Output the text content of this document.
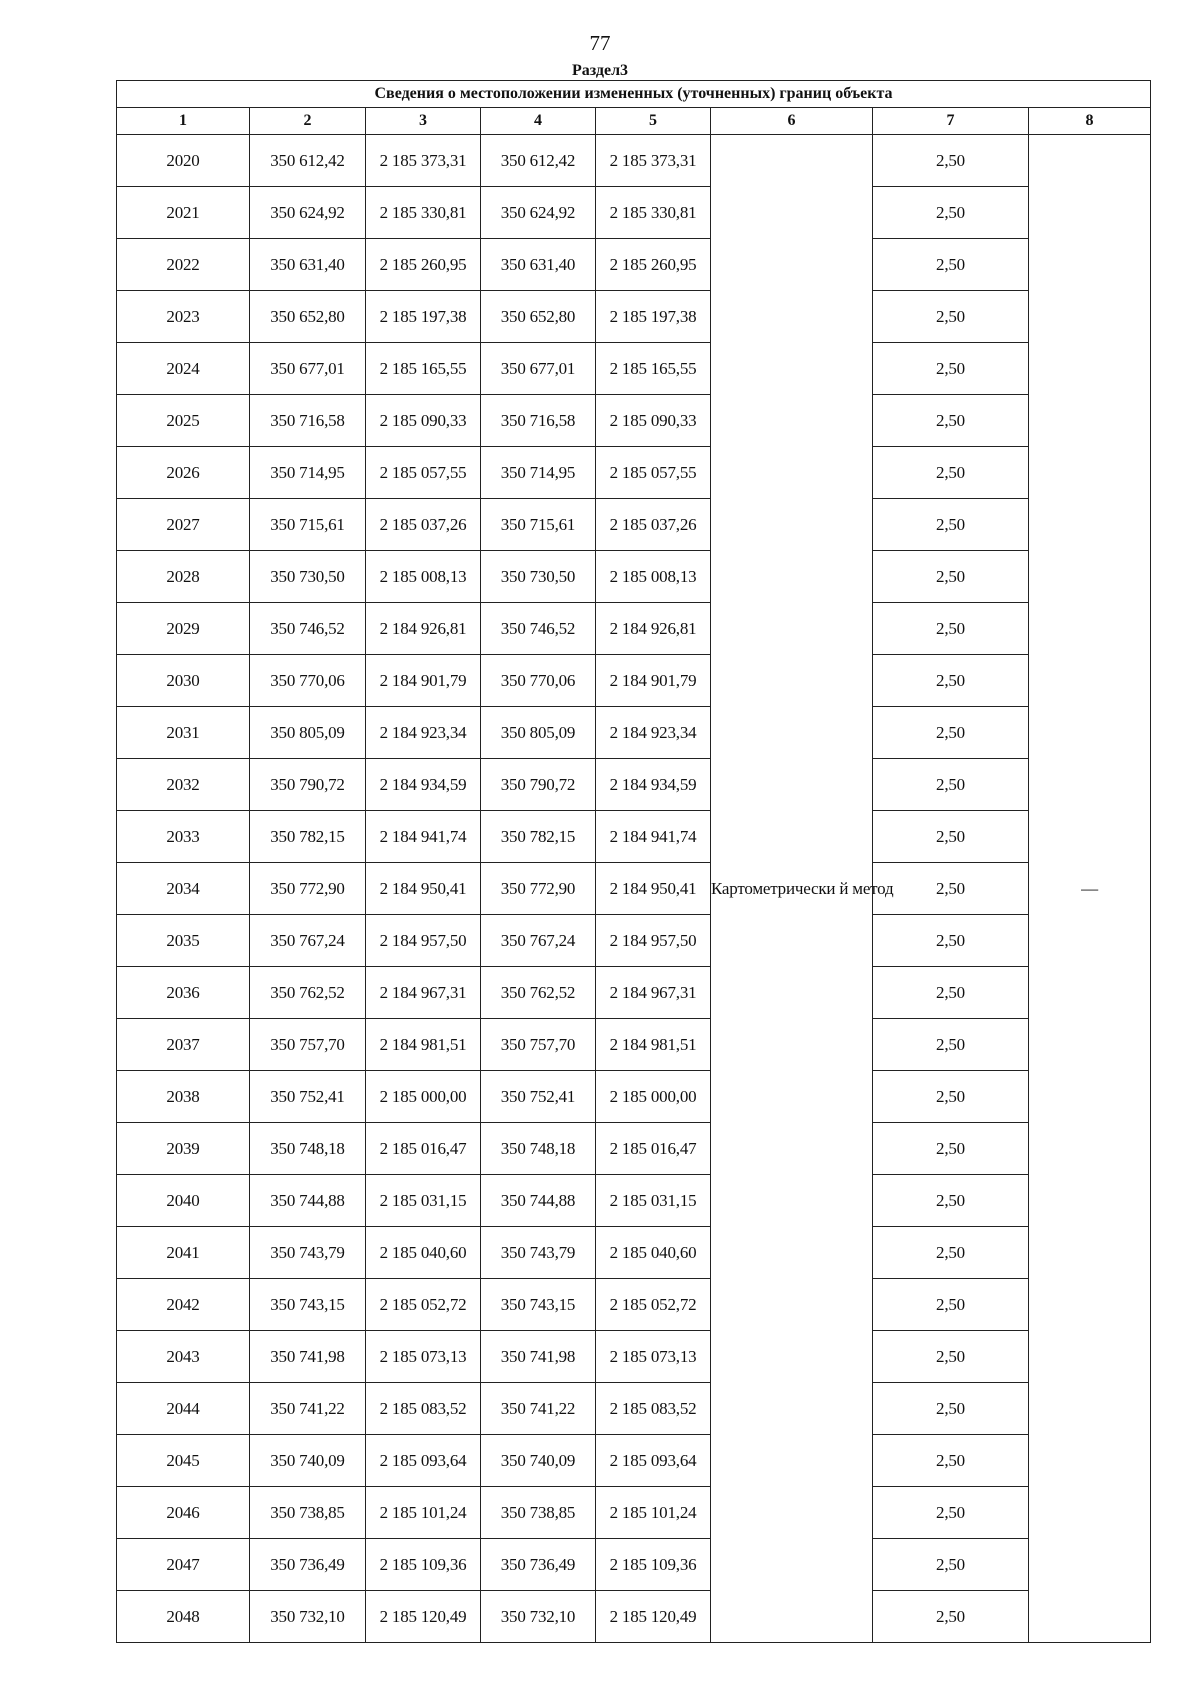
77
Раздел3
Сведения о местоположении измененных (уточненных) границ объекта							
1	2	3	4	5	6	7	8
2020	350 612,42	2 185 373,31	350 612,42	2 185 373,31	Картометрически й метод	2,50	—
2021	350 624,92	2 185 330,81	350 624,92	2 185 330,81		2,50	
2022	350 631,40	2 185 260,95	350 631,40	2 185 260,95		2,50	
2023	350 652,80	2 185 197,38	350 652,80	2 185 197,38		2,50	
2024	350 677,01	2 185 165,55	350 677,01	2 185 165,55		2,50	
2025	350 716,58	2 185 090,33	350 716,58	2 185 090,33		2,50	
2026	350 714,95	2 185 057,55	350 714,95	2 185 057,55		2,50	
2027	350 715,61	2 185 037,26	350 715,61	2 185 037,26		2,50	
2028	350 730,50	2 185 008,13	350 730,50	2 185 008,13		2,50	
2029	350 746,52	2 184 926,81	350 746,52	2 184 926,81		2,50	
2030	350 770,06	2 184 901,79	350 770,06	2 184 901,79		2,50	
2031	350 805,09	2 184 923,34	350 805,09	2 184 923,34		2,50	
2032	350 790,72	2 184 934,59	350 790,72	2 184 934,59		2,50	
2033	350 782,15	2 184 941,74	350 782,15	2 184 941,74		2,50	
2034	350 772,90	2 184 950,41	350 772,90	2 184 950,41		2,50	
2035	350 767,24	2 184 957,50	350 767,24	2 184 957,50		2,50	
2036	350 762,52	2 184 967,31	350 762,52	2 184 967,31		2,50	
2037	350 757,70	2 184 981,51	350 757,70	2 184 981,51		2,50	
2038	350 752,41	2 185 000,00	350 752,41	2 185 000,00		2,50	
2039	350 748,18	2 185 016,47	350 748,18	2 185 016,47		2,50	
2040	350 744,88	2 185 031,15	350 744,88	2 185 031,15		2,50	
2041	350 743,79	2 185 040,60	350 743,79	2 185 040,60		2,50	
2042	350 743,15	2 185 052,72	350 743,15	2 185 052,72		2,50	
2043	350 741,98	2 185 073,13	350 741,98	2 185 073,13		2,50	
2044	350 741,22	2 185 083,52	350 741,22	2 185 083,52		2,50	
2045	350 740,09	2 185 093,64	350 740,09	2 185 093,64		2,50	
2046	350 738,85	2 185 101,24	350 738,85	2 185 101,24		2,50	
2047	350 736,49	2 185 109,36	350 736,49	2 185 109,36		2,50	
2048	350 732,10	2 185 120,49	350 732,10	2 185 120,49		2,50	
